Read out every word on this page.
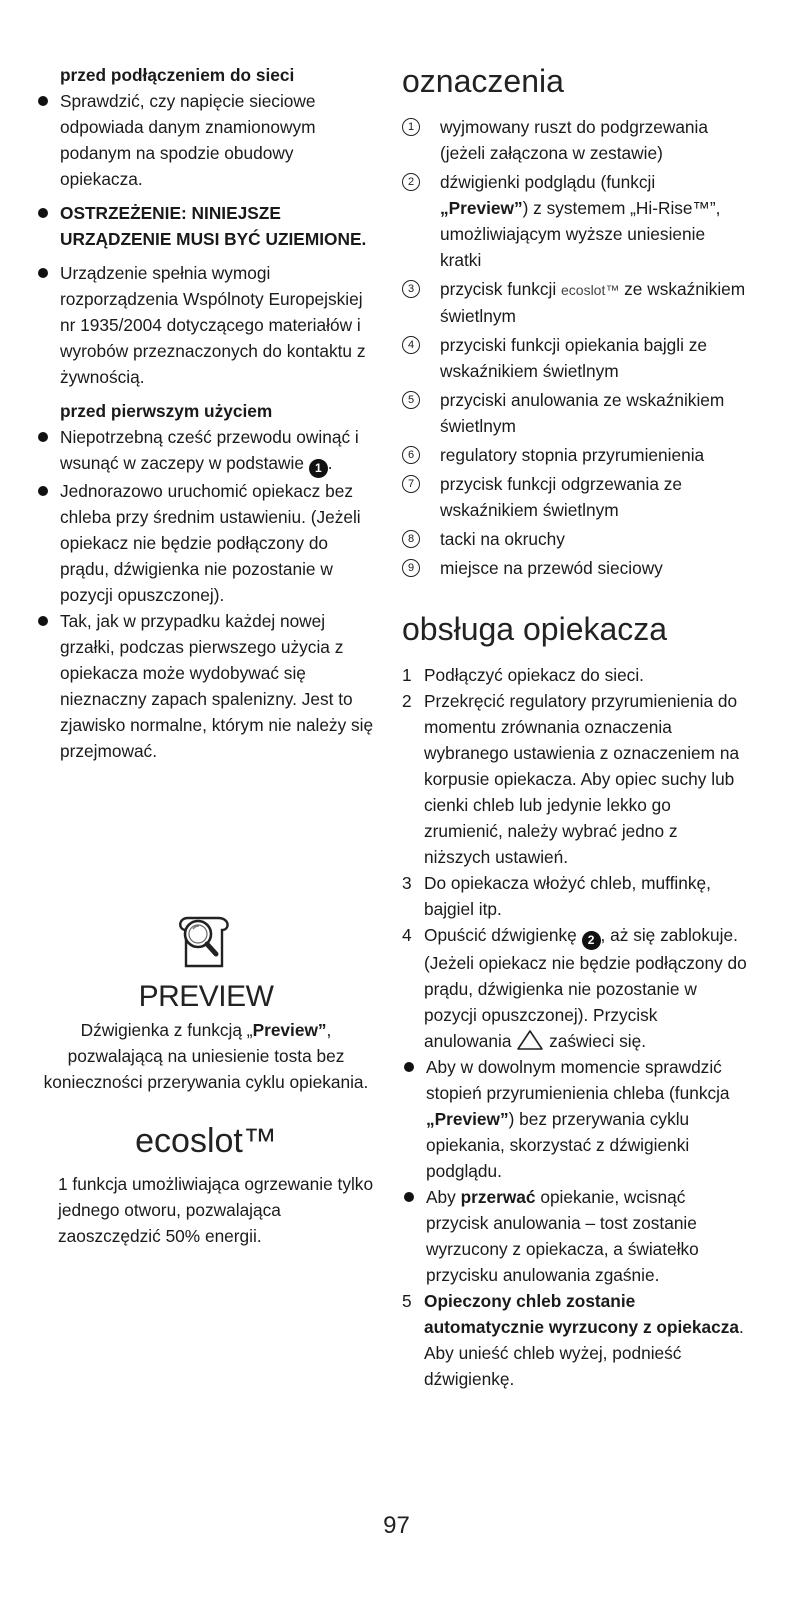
przed podłączeniem do sieci

Sprawdzić, czy napięcie sieciowe odpowiada danym znamionowym podanym na spodzie obudowy opiekacza.

OSTRZEŻENIE: NINIEJSZE URZĄDZENIE MUSI BYĆ UZIEMIONE.

Urządzenie spełnia wymogi rozporządzenia Wspólnoty Europejskiej nr 1935/2004 dotyczącego materiałów i wyrobów przeznaczonych do kontaktu z żywnością.

przed pierwszym użyciem

Niepotrzebną cześć przewodu owinąć i wsunąć w zaczepy w podstawie 1 .

Jednorazowo uruchomić opiekacz bez chleba przy średnim ustawieniu. (Jeżeli opiekacz nie będzie podłączony do prądu, dźwigienka nie pozostanie w pozycji opuszczonej).

Tak, jak w przypadku każdej nowej grzałki, podczas pierwszego użycia z opiekacza może wydobywać się nieznaczny zapach spalenizny. Jest to zjawisko normalne, którym nie należy się przejmować.

PREVIEW
Dźwigienka z funkcją „Preview”, pozwalającą na uniesienie tosta bez konieczności przerywania cyklu opiekania.
ecoslot™
1 funkcja umożliwiająca ogrzewanie tylko jednego otworu, pozwalająca zaoszczędzić 50% energii.
oznaczenia
1	wyjmowany ruszt do podgrzewania (jeżeli załączona w zestawie)
2	dźwigienki podglądu (funkcji „Preview”) z systemem „Hi-Rise™”, umożliwiającym wyższe uniesienie kratki
3	przycisk funkcji ecoslot™ ze wskaźnikiem świetlnym
4	przyciski funkcji opiekania bajgli ze wskaźnikiem świetlnym
5	przyciski anulowania ze wskaźnikiem świetlnym
6	regulatory stopnia przyrumienienia
7	przycisk funkcji odgrzewania ze wskaźnikiem świetlnym
8	tacki na okruchy
9	miejsce na przewód sieciowy
obsługa opiekacza
1 Podłączyć opiekacz do sieci.
2 Przekręcić regulatory przyrumienienia do momentu zrównania oznaczenia wybranego ustawienia z oznaczeniem na korpusie opiekacza. Aby opiec suchy lub cienki chleb lub jedynie lekko go zrumienić, należy wybrać jedno z niższych ustawień.
3 Do opiekacza włożyć chleb, muffinkę, bajgiel itp.
4 Opuścić dźwigienkę 2 , aż się zablokuje. (Jeżeli opiekacz nie będzie podłączony do prądu, dźwigienka nie pozostanie w pozycji opuszczonej). Przycisk anulowania zaświeci się.

Aby w dowolnym momencie sprawdzić stopień przyrumienienia chleba (funkcja „Preview”) bez przerywania cyklu opiekania, skorzystać z dźwigienki podglądu.

Aby przerwać opiekanie, wcisnąć przycisk anulowania – tost zostanie wyrzucony z opiekacza, a światełko przycisku anulowania zgaśnie.

5 Opieczony chleb zostanie automatycznie wyrzucony z opiekacza. Aby unieść chleb wyżej, podnieść dźwigienkę.
97
